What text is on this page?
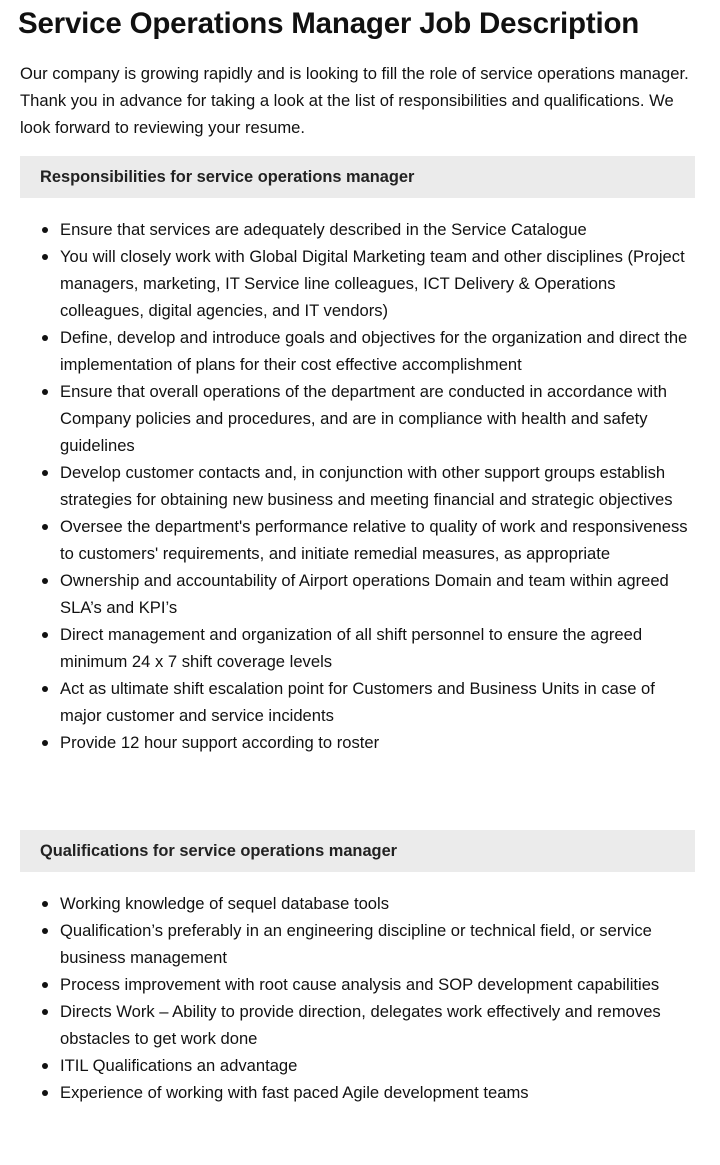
Service Operations Manager Job Description

Our company is growing rapidly and is looking to fill the role of service operations manager. Thank you in advance for taking a look at the list of responsibilities and qualifications. We look forward to reviewing your resume.

Responsibilities for service operations manager
Ensure that services are adequately described in the Service Catalogue
You will closely work with Global Digital Marketing team and other disciplines (Project managers, marketing, IT Service line colleagues, ICT Delivery & Operations colleagues, digital agencies, and IT vendors)
Define, develop and introduce goals and objectives for the organization and direct the implementation of plans for their cost effective accomplishment
Ensure that overall operations of the department are conducted in accordance with Company policies and procedures, and are in compliance with health and safety guidelines
Develop customer contacts and, in conjunction with other support groups establish strategies for obtaining new business and meeting financial and strategic objectives
Oversee the department's performance relative to quality of work and responsiveness to customers' requirements, and initiate remedial measures, as appropriate
Ownership and accountability of Airport operations Domain and team within agreed SLA’s and KPI’s
Direct management and organization of all shift personnel to ensure the agreed minimum 24 x 7 shift coverage levels
Act as ultimate shift escalation point for Customers and Business Units in case of major customer and service incidents
Provide 12 hour support according to roster
Qualifications for service operations manager
Working knowledge of sequel database tools
Qualification’s preferably in an engineering discipline or technical field, or service business management
Process improvement with root cause analysis and SOP development capabilities
Directs Work – Ability to provide direction, delegates work effectively and removes obstacles to get work done
ITIL Qualifications an advantage
Experience of working with fast paced Agile development teams
